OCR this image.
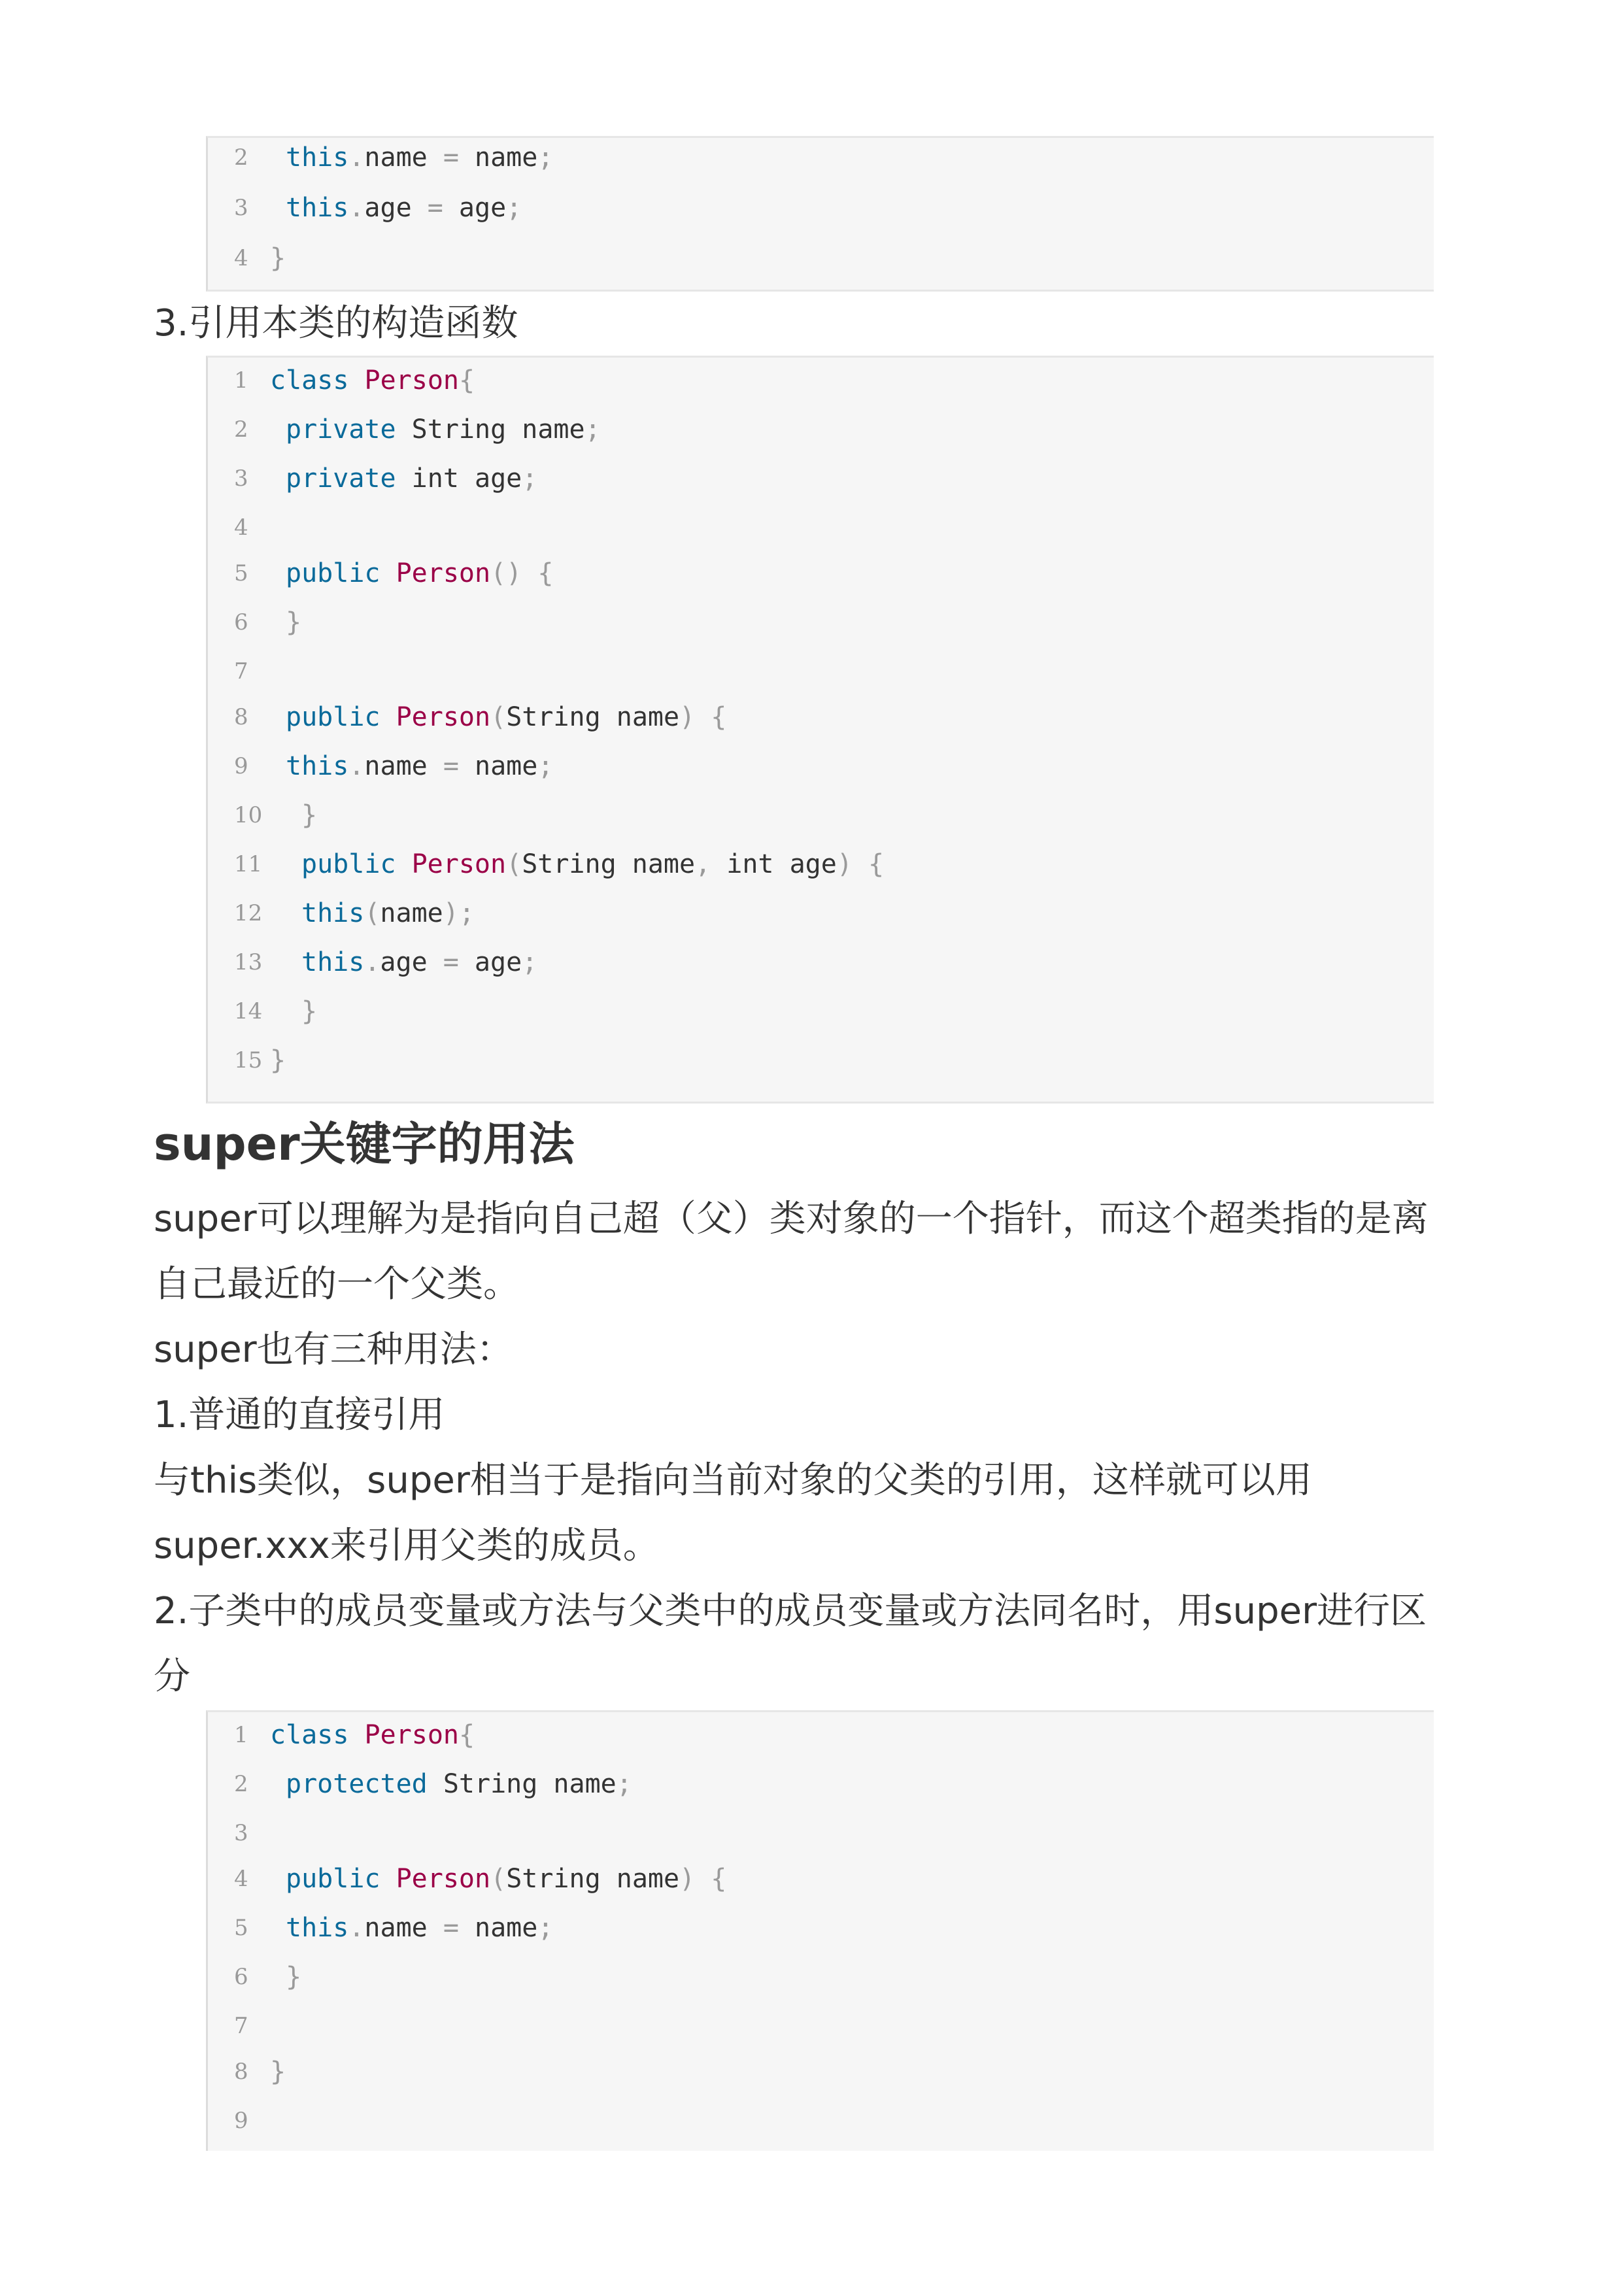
2	this.name = name;
3	this.age = age;
4 }
3.引用本类的构造函数
1 class Person{
2	private String name;
3	private int age;
4
5	public Person() {
6	}
7
8	public Person(String name) {
9	this.name = name;
10	}
11	public Person(String name, int age) {
12	this(name);
13	this.age = age;
14	}
15 }
super关键字的用法
super可以理解为是指向自己超（父）类对象的一个指针，而这个超类指的是离
自己最近的一个父类。
super也有三种用法：
1.普通的直接引用
与this类似，super相当于是指向当前对象的父类的引用，这样就可以用
super.xxx来引用父类的成员。
2.子类中的成员变量或方法与父类中的成员变量或方法同名时，用super进行区
分
1 class Person{
2	protected String name;
3
4	public Person(String name) {
5	this.name = name;
6	}
7
8 }
9
